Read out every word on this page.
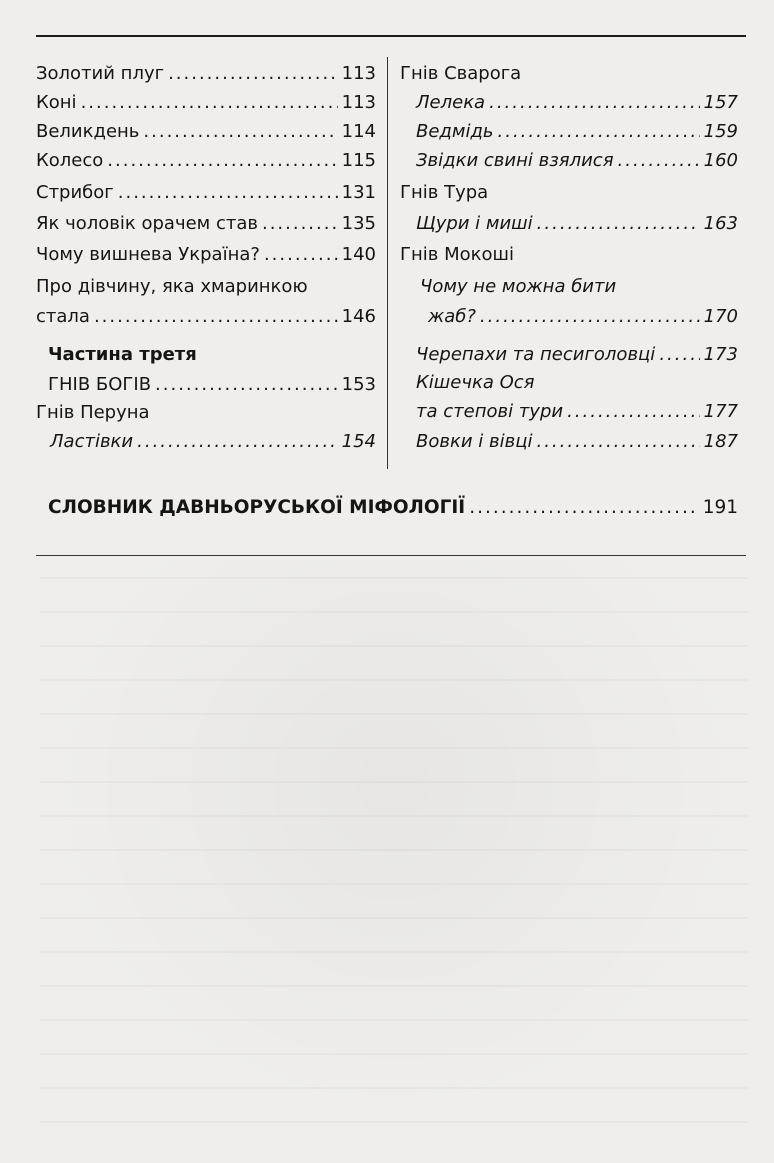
Золотий плуг .....	113
Коні .....	113
Великдень .....	114
Колесо .....	115
Стрибог .....	131
Як чоловік орачем став .....	135
Чому вишнева Україна? .....	140
Про дівчину, яка хмаринкою
стала .....	146
Частина третя
ГНІВ БОГІВ .....	153
Гнів Перуна
Ластівки .....	154
Гнів Сварога
Лелека .....	157
Ведмідь .....	159
Звідки свині взялися .....	160
Гнів Тура
Щури і миші .....	163
Гнів Мокоші
Чому не можна бити
жаб? .....	170
Черепахи та песиголовці .....	173
Кішечка Ося
та степові тури .....	177
Вовки і вівці .....	187
СЛОВНИК ДАВНЬОРУСЬКОЇ МІФОЛОГІЇ .....	191
